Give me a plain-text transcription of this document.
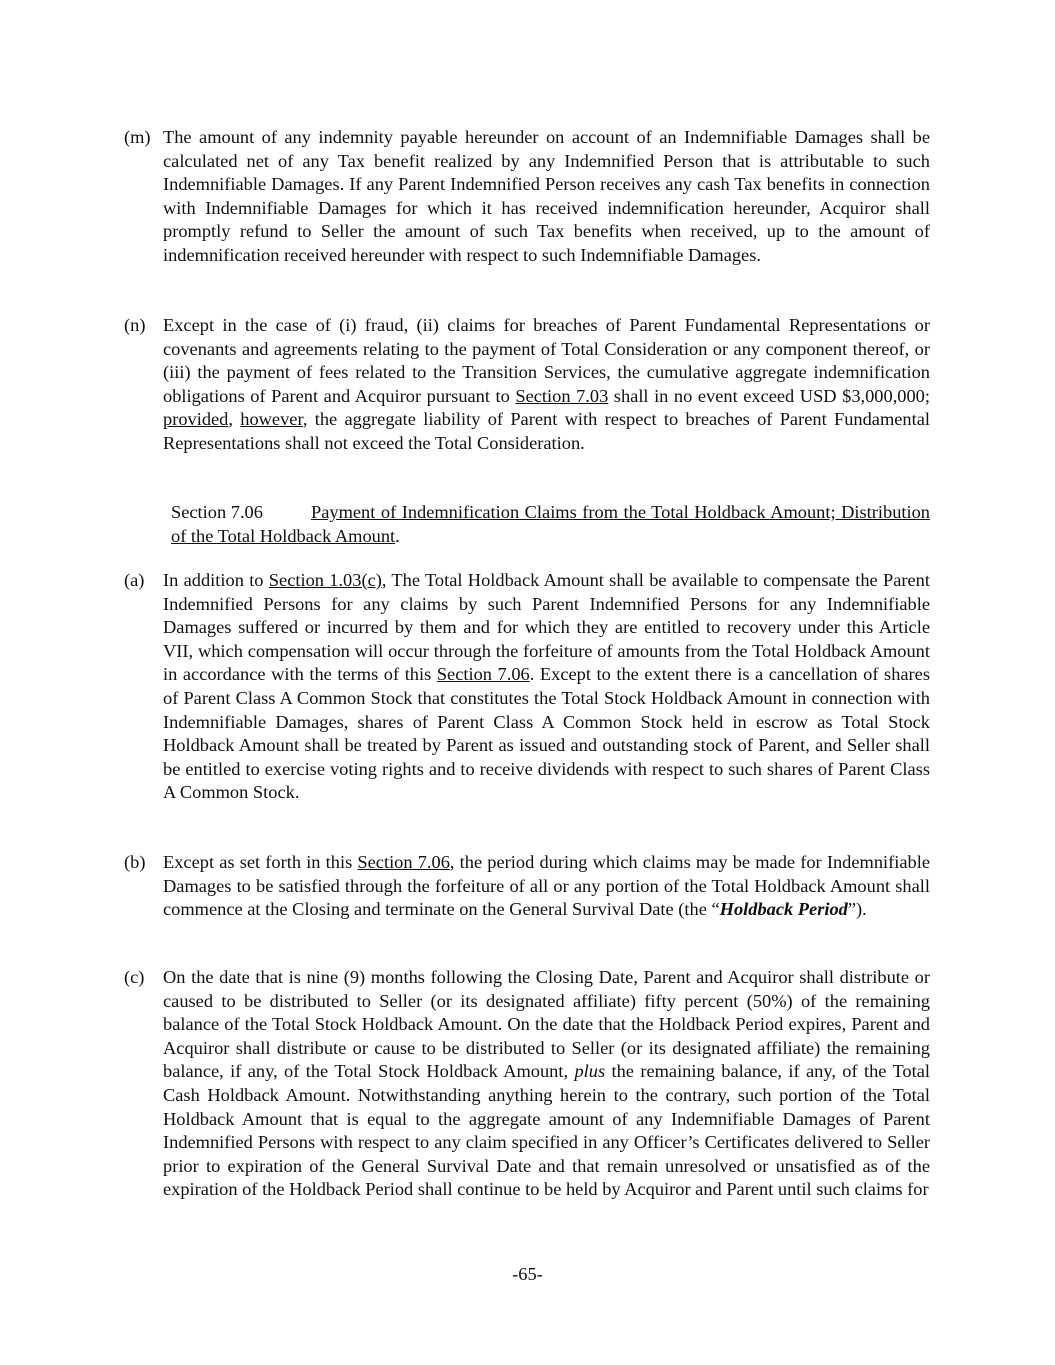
(m) The amount of any indemnity payable hereunder on account of an Indemnifiable Damages shall be calculated net of any Tax benefit realized by any Indemnified Person that is attributable to such Indemnifiable Damages. If any Parent Indemnified Person receives any cash Tax benefits in connection with Indemnifiable Damages for which it has received indemnification hereunder, Acquiror shall promptly refund to Seller the amount of such Tax benefits when received, up to the amount of indemnification received hereunder with respect to such Indemnifiable Damages.
(n) Except in the case of (i) fraud, (ii) claims for breaches of Parent Fundamental Representations or covenants and agreements relating to the payment of Total Consideration or any component thereof, or (iii) the payment of fees related to the Transition Services, the cumulative aggregate indemnification obligations of Parent and Acquiror pursuant to Section 7.03 shall in no event exceed USD $3,000,000; provided, however, the aggregate liability of Parent with respect to breaches of Parent Fundamental Representations shall not exceed the Total Consideration.
Section 7.06	Payment of Indemnification Claims from the Total Holdback Amount; Distribution of the Total Holdback Amount.
(a)	In addition to Section 1.03(c), The Total Holdback Amount shall be available to compensate the Parent Indemnified Persons for any claims by such Parent Indemnified Persons for any Indemnifiable Damages suffered or incurred by them and for which they are entitled to recovery under this Article VII, which compensation will occur through the forfeiture of amounts from the Total Holdback Amount in accordance with the terms of this Section 7.06. Except to the extent there is a cancellation of shares of Parent Class A Common Stock that constitutes the Total Stock Holdback Amount in connection with Indemnifiable Damages, shares of Parent Class A Common Stock held in escrow as Total Stock Holdback Amount shall be treated by Parent as issued and outstanding stock of Parent, and Seller shall be entitled to exercise voting rights and to receive dividends with respect to such shares of Parent Class A Common Stock.
(b) Except as set forth in this Section 7.06, the period during which claims may be made for Indemnifiable Damages to be satisfied through the forfeiture of all or any portion of the Total Holdback Amount shall commence at the Closing and terminate on the General Survival Date (the “Holdback Period”).
(c)	On the date that is nine (9) months following the Closing Date, Parent and Acquiror shall distribute or caused to be distributed to Seller (or its designated affiliate) fifty percent (50%) of the remaining balance of the Total Stock Holdback Amount. On the date that the Holdback Period expires, Parent and Acquiror shall distribute or cause to be distributed to Seller (or its designated affiliate) the remaining balance, if any, of the Total Stock Holdback Amount, plus the remaining balance, if any, of the Total Cash Holdback Amount. Notwithstanding anything herein to the contrary, such portion of the Total Holdback Amount that is equal to the aggregate amount of any Indemnifiable Damages of Parent Indemnified Persons with respect to any claim specified in any Officer’s Certificates delivered to Seller prior to expiration of the General Survival Date and that remain unresolved or unsatisfied as of the expiration of the Holdback Period shall continue to be held by Acquiror and Parent until such claims for
-65-
